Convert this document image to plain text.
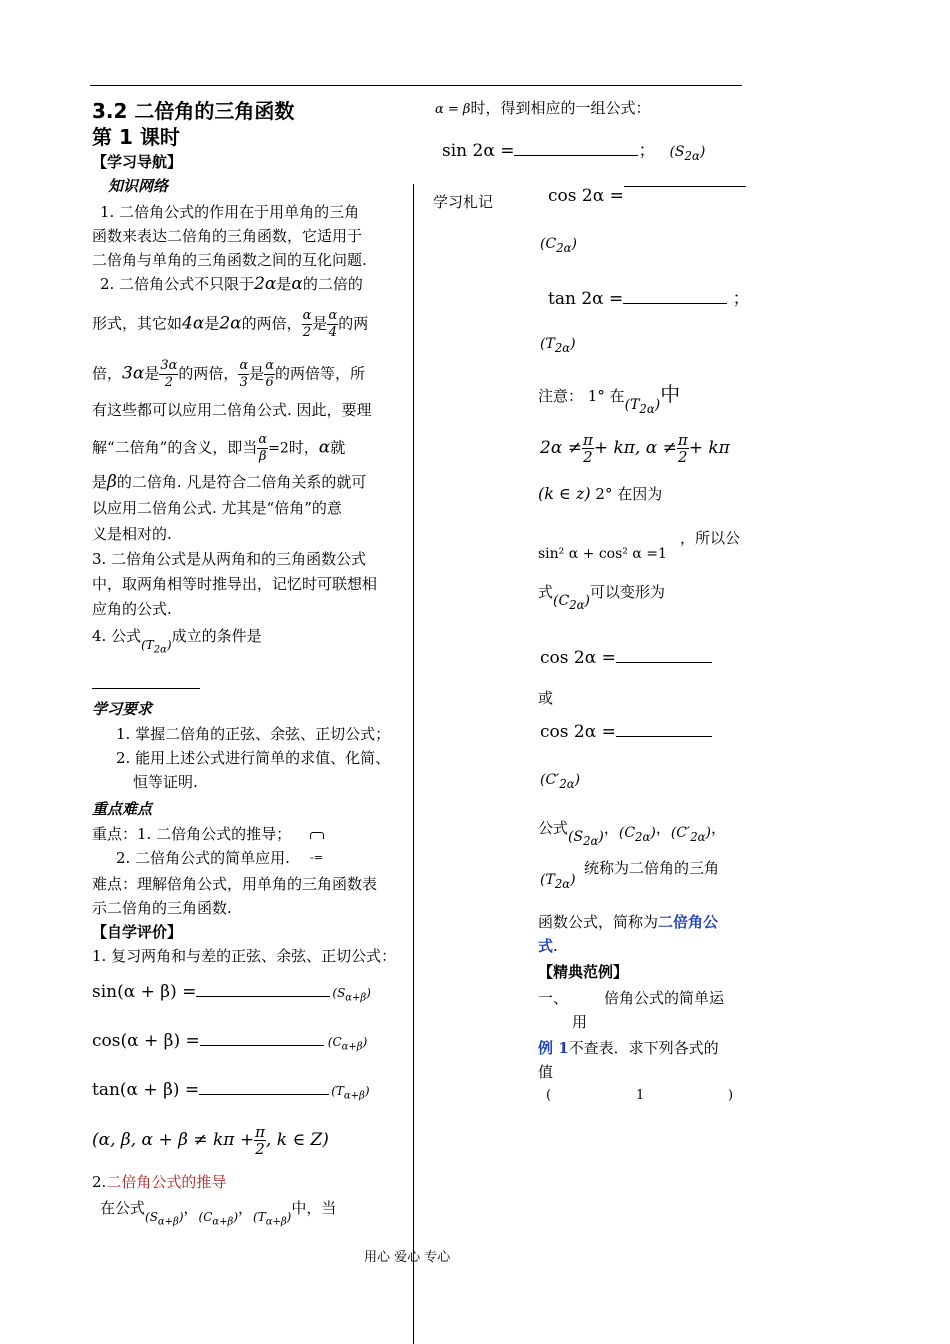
3.2 二倍角的三角函数
第 1 课时
【学习导航】
知识网络
1. 二倍角公式的作用在于用单角的三角
函数来表达二倍角的三角函数，它适用于
二倍角与单角的三角函数之间的互化问题.
2. 二倍角公式不只限于2α是α的二倍的
形式，其它如4α是2α的两倍， $\frac{\alpha}{2}$ 是 $\frac{\alpha}{4}$ 的两
倍，3α是 $\frac{3\alpha}{2}$ 的两倍， $\frac{\alpha}{3}$ 是 $\frac{\alpha}{6}$ 的两倍等，所
有这些都可以应用二倍角公式. 因此，要理
解“二倍角”的含义，即当 $\frac{\alpha}{\beta} =2$时，α就
是β的二倍角. 凡是符合二倍角关系的就可
以应用二倍角公式. 尤其是“倍角”的意
义是相对的.
3. 二倍角公式是从两角和的三角函数公式
中，取两角相等时推导出，记忆时可联想相
应角的公式.
4. 公式$_{(T_{2\alpha})}$成立的条件是
学习要求
1. 掌握二倍角的正弦、余弦、正切公式；
2. 能用上述公式进行简单的求值、化简、
恒等证明.
重点难点
重点：1. 二倍角公式的推导；
2. 二倍角公式的简单应用.
难点：理解倍角公式，用单角的三角函数表
示二倍角的三角函数.
【自学评价】
1. 复习两角和与差的正弦、余弦、正切公式：
sin(α + β) =	$(S_{\alpha+\beta})$
cos(α + β) =	$(C_{\alpha+\beta})$
tan(α + β) =	$(T_{\alpha+\beta})$
(α, β, $\alpha + \beta \ne k\pi + \frac{\pi}{2}$ , k ∈ Z)
2.二倍角公式的推导
在公式$_{(S_{\alpha+\beta})}$，$_{(C_{\alpha+\beta})}$，$_{(T_{\alpha+\beta})}$中，当
α = β时，得到相应的一组公式：
sin 2α =	； $(S_{2\alpha})$
学习札记	cos 2α =
$(C_{2\alpha})$
tan 2α =	；
$(T_{2\alpha})$
注意： 1° 在$(T_{2\alpha})$中
$2\alpha \ne \frac{\pi}{2} + k\pi$, $\alpha \ne \frac{\pi}{2} + k\pi$
(k ∈ z) 2° 在因为
，所以公
sin² α + cos² α =1
式$(C_{2\alpha})$可以变形为
cos 2α =
或
cos 2α =
$(C'_{2\alpha})$
公式$(S_{2\alpha})$，$(C_{2\alpha})$，$(C'_{2\alpha})$，
$(T_{2\alpha})$
统称为二倍角的三角
函数公式，简称为二倍角公
式.
【精典范例】
一、 倍角公式的简单运
用
例 1不查表．求下列各式的
值
(	1	)
-=
用心 爱心 专心
